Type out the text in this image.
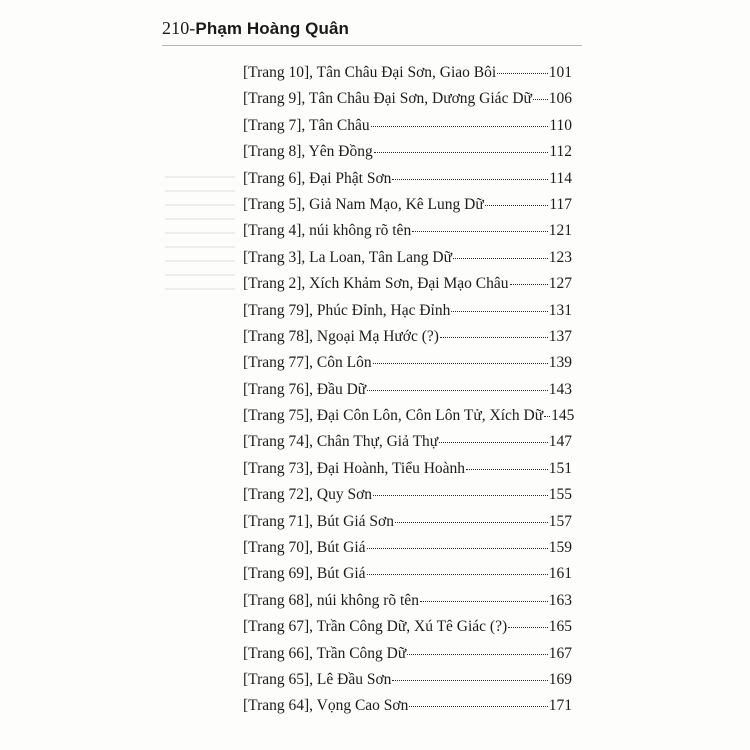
210-Phạm Hoàng Quân
[Trang 10], Tân Châu Đại Sơn, Giao Bôi	101
[Trang 9], Tân Châu Đại Sơn, Dương Giác Dữ 106
[Trang 7], Tân Châu	110
[Trang 8], Yên Đồng	112
[Trang 6], Đại Phật Sơn	114
[Trang 5], Giả Nam Mạo, Kê Lung Dữ	117
[Trang 4], núi không rõ tên	121
[Trang 3], La Loan, Tân Lang Dữ	123
[Trang 2], Xích Khảm Sơn, Đại Mạo Châu	127
[Trang 79], Phúc Đỉnh, Hạc Đỉnh	131
[Trang 78], Ngoại Mạ Hước (?)	137
[Trang 77], Côn Lôn	139
[Trang 76], Đầu Dữ	143
[Trang 75], Đại Côn Lôn, Côn Lôn Tử, Xích Dữ 145
[Trang 74], Chân Thự, Giả Thự	147
[Trang 73], Đại Hoành, Tiểu Hoành	151
[Trang 72], Quy Sơn	155
[Trang 71], Bút Giá Sơn	157
[Trang 70], Bút Giá	159
[Trang 69], Bút Giá	161
[Trang 68], núi không rõ tên	163
[Trang 67], Trần Công Dữ, Xú Tê Giác (?)	165
[Trang 66], Trần Công Dữ	167
[Trang 65], Lê Đầu Sơn	169
[Trang 64], Vọng Cao Sơn	171
